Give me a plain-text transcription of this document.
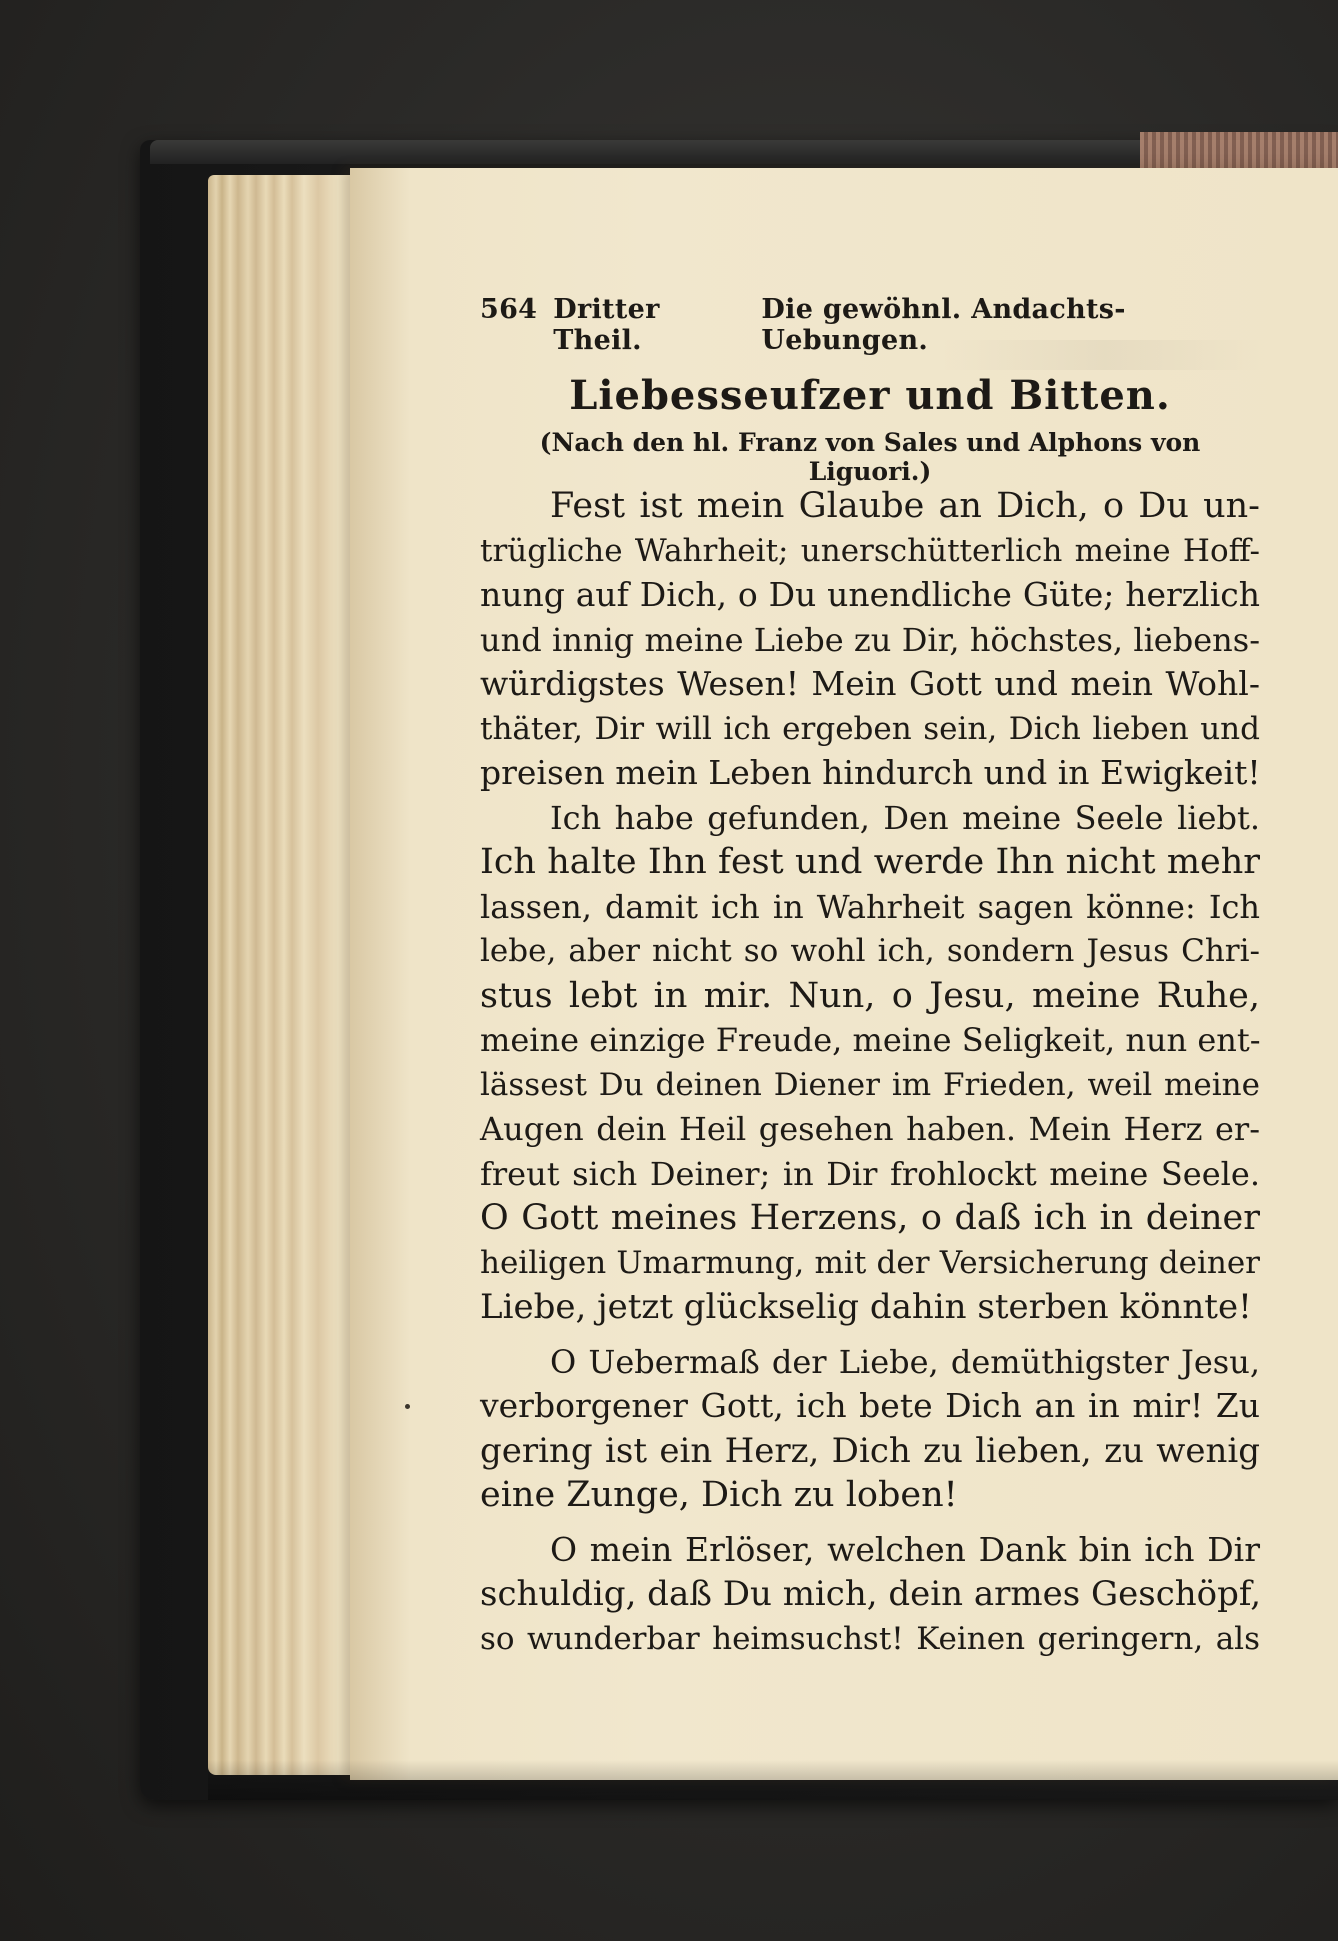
564 Dritter Theil.
Die gewöhnl. Andachts-Uebungen.
Liebesseufzer und Bitten.
(Nach den hl. Franz von Sales und Alphons von Liguori.)
Fest ist mein Glaube an Dich, o Du un-
trügliche Wahrheit; unerschütterlich meine Hoff-
nung auf Dich, o Du unendliche Güte; herzlich
und innig meine Liebe zu Dir, höchstes, liebens-
würdigstes Wesen! Mein Gott und mein Wohl-
thäter, Dir will ich ergeben sein, Dich lieben und
preisen mein Leben hindurch und in Ewigkeit!
Ich habe gefunden, Den meine Seele liebt.
Ich halte Ihn fest und werde Ihn nicht mehr
lassen, damit ich in Wahrheit sagen könne: Ich
lebe, aber nicht so wohl ich, sondern Jesus Chri-
stus lebt in mir. Nun, o Jesu, meine Ruhe,
meine einzige Freude, meine Seligkeit, nun ent-
lässest Du deinen Diener im Frieden, weil meine
Augen dein Heil gesehen haben. Mein Herz er-
freut sich Deiner; in Dir frohlockt meine Seele.
O Gott meines Herzens, o daß ich in deiner
heiligen Umarmung, mit der Versicherung deiner
Liebe, jetzt glückselig dahin sterben könnte!
O Uebermaß der Liebe, demüthigster Jesu,
verborgener Gott, ich bete Dich an in mir! Zu
gering ist ein Herz, Dich zu lieben, zu wenig
eine Zunge, Dich zu loben!
O mein Erlöser, welchen Dank bin ich Dir
schuldig, daß Du mich, dein armes Geschöpf,
so wunderbar heimsuchst! Keinen geringern, als
